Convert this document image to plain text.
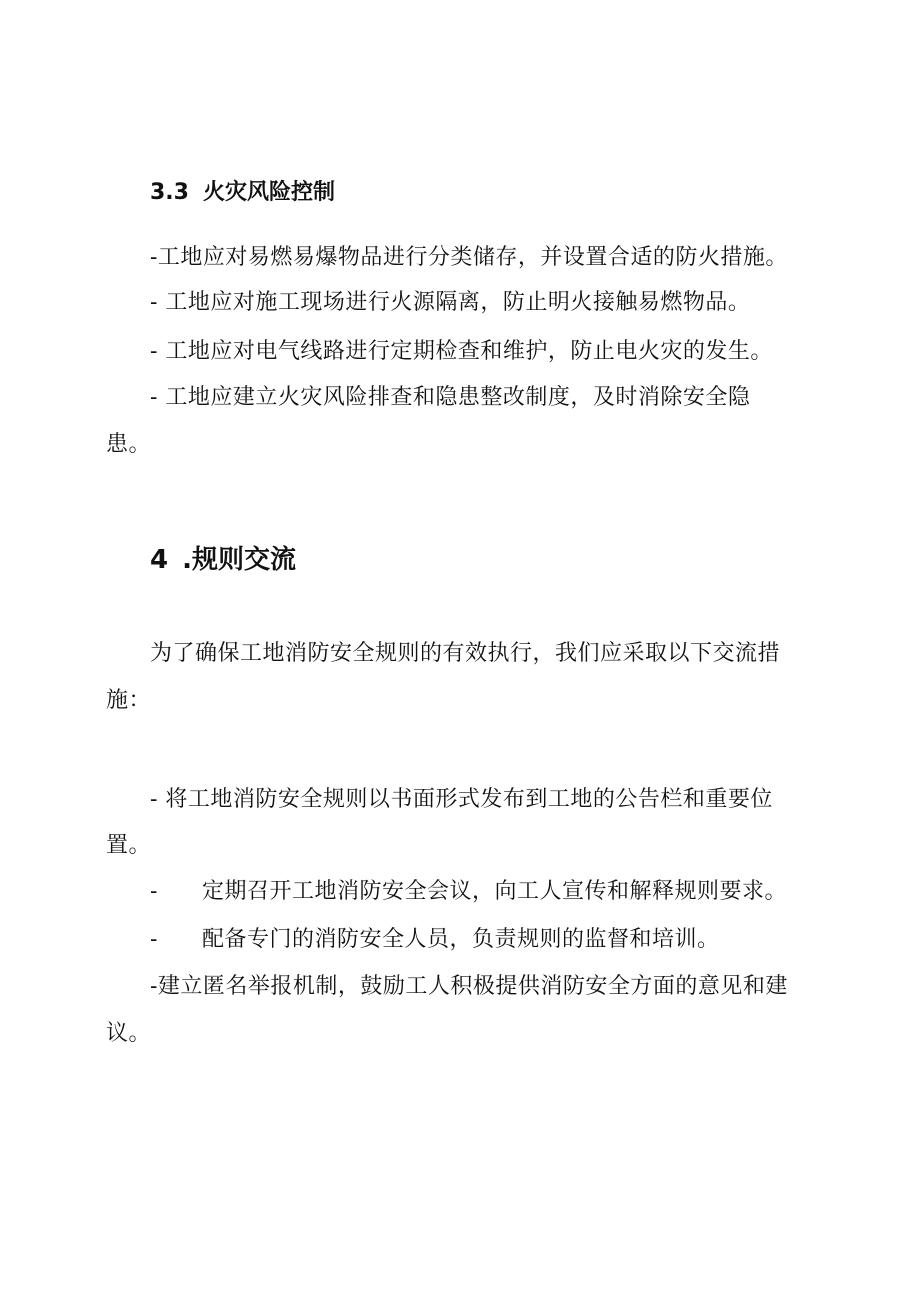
3.3 火灾风险控制
-工地应对易燃易爆物品进行分类储存，并设置合适的防火措施。
- 工地应对施工现场进行火源隔离，防止明火接触易燃物品。
- 工地应对电气线路进行定期检查和维护，防止电火灾的发生。
- 工地应建立火灾风险排查和隐患整改制度，及时消除安全隐
患。
4 .规则交流
为了确保工地消防安全规则的有效执行，我们应采取以下交流措
施：
- 将工地消防安全规则以书面形式发布到工地的公告栏和重要位
置。
- 定期召开工地消防安全会议，向工人宣传和解释规则要求。
- 配备专门的消防安全人员，负责规则的监督和培训。
-建立匿名举报机制，鼓励工人积极提供消防安全方面的意见和建
议。
